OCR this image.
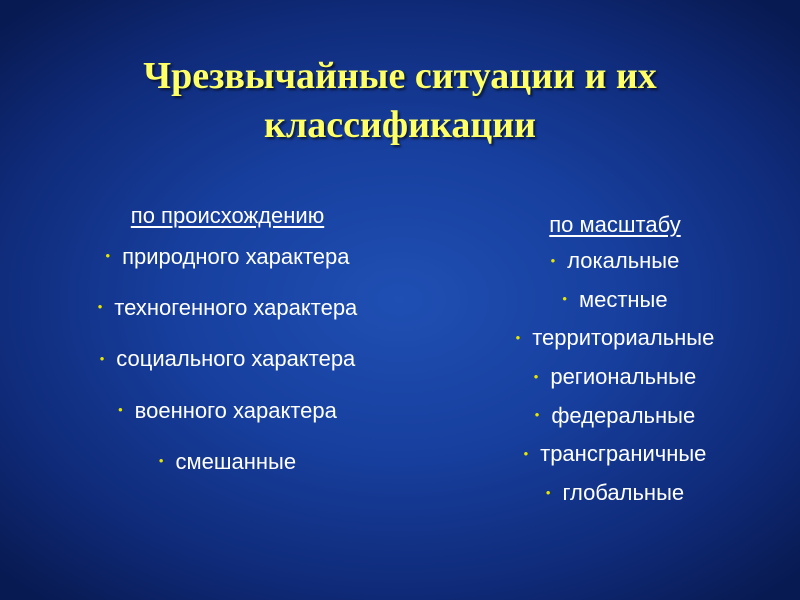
Чрезвычайные ситуации и их
классификации
по происхождению
• природного характера
• техногенного характера
• социального характера
• военного характера
• смешанные
по масштабу
• локальные
• местные
• территориальные
• региональные
• федеральные
• трансграничные
• глобальные
